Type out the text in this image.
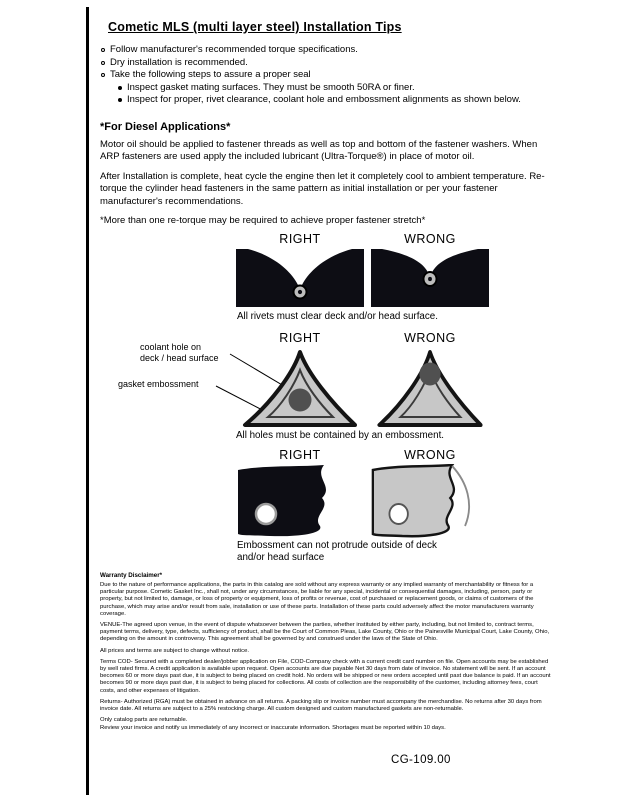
Cometic MLS (multi layer steel) Installation Tips
Follow manufacturer's recommended torque specifications.
Dry installation is recommended.
Take the following steps to assure a proper seal
Inspect gasket mating surfaces. They must be smooth 50RA or finer.
Inspect for proper, rivet clearance, coolant hole and embossment alignments as shown below.
*For Diesel Applications*
Motor oil should be applied to fastener threads as well as top and bottom of the fastener washers. When ARP fasteners are used apply the included lubricant (Ultra-Torque®) in place of motor oil.
After Installation is complete, heat cycle the engine then let it completely cool to ambient temperature. Re-torque the cylinder head fasteners in the same pattern as initial installation or per your fastener manufacturer's recommendations.
*More than one re-torque may be required to achieve proper fastener stretch*
RIGHT	WRONG
All rivets must clear deck and/or head surface.
RIGHT	WRONG
coolant hole on
deck / head surface
gasket embossment
All holes must be contained by an embossment.
RIGHT	WRONG
Embossment can not protrude outside of deck
and/or head surface
Warranty Disclaimer*
Due to the nature of performance applications, the parts in this catalog are sold without any express warranty or any implied warranty of merchantability or fitness for a particular purpose. Cometic Gasket Inc., shall not, under any circumstances, be liable for any special, incidental or consequential damages, including, person, party or property, but not limited to, damage, or loss of property or equipment, loss of profits or revenue, cost of purchased or replacement goods, or claims of customers of the purchase, which may arise and/or result from sale, installation or use of these parts. Installation of these parts could adversely affect the motor manufacturers warranty coverage.
VENUE-The agreed upon venue, in the event of dispute whatsoever between the parties, whether instituted by either party, including, but not limited to, contract terms, payment terms, delivery, type, defects, sufficiency of product, shall be the Court of Common Pleas, Lake County, Ohio or the Painesville Municipal Court, Lake County, Ohio, depending on the amount in controversy. This agreement shall be governed by and construed under the laws of the State of Ohio.
All prices and terms are subject to change without notice.
Terms COD- Secured with a completed dealer/jobber application on File, COD-Company check with a current credit card number on file. Open accounts may be established by well rated firms. A credit application is available upon request. Open accounts are due payable Net 30 days from date of invoice. No statement will be sent. If an account becomes 60 or more days past due, it is subject to being placed on credit hold. No orders will be shipped or new orders accepted until past due balance is paid. If an account becomes 90 or more days past due, it is subject to being placed for collections. All costs of collection are the responsibility of the customer, including attorney fees, court costs, and other expenses of litigation.
Returns- Authorized (RGA) must be obtained in advance on all returns. A packing slip or invoice number must accompany the merchandise. No returns after 30 days from invoice date. All returns are subject to a 25% restocking charge. All custom designed and custom manufactured gaskets are non-returnable.
Only catalog parts are returnable.
Review your invoice and notify us immediately of any incorrect or inaccurate information. Shortages must be reported within 10 days.
CG-109.00
